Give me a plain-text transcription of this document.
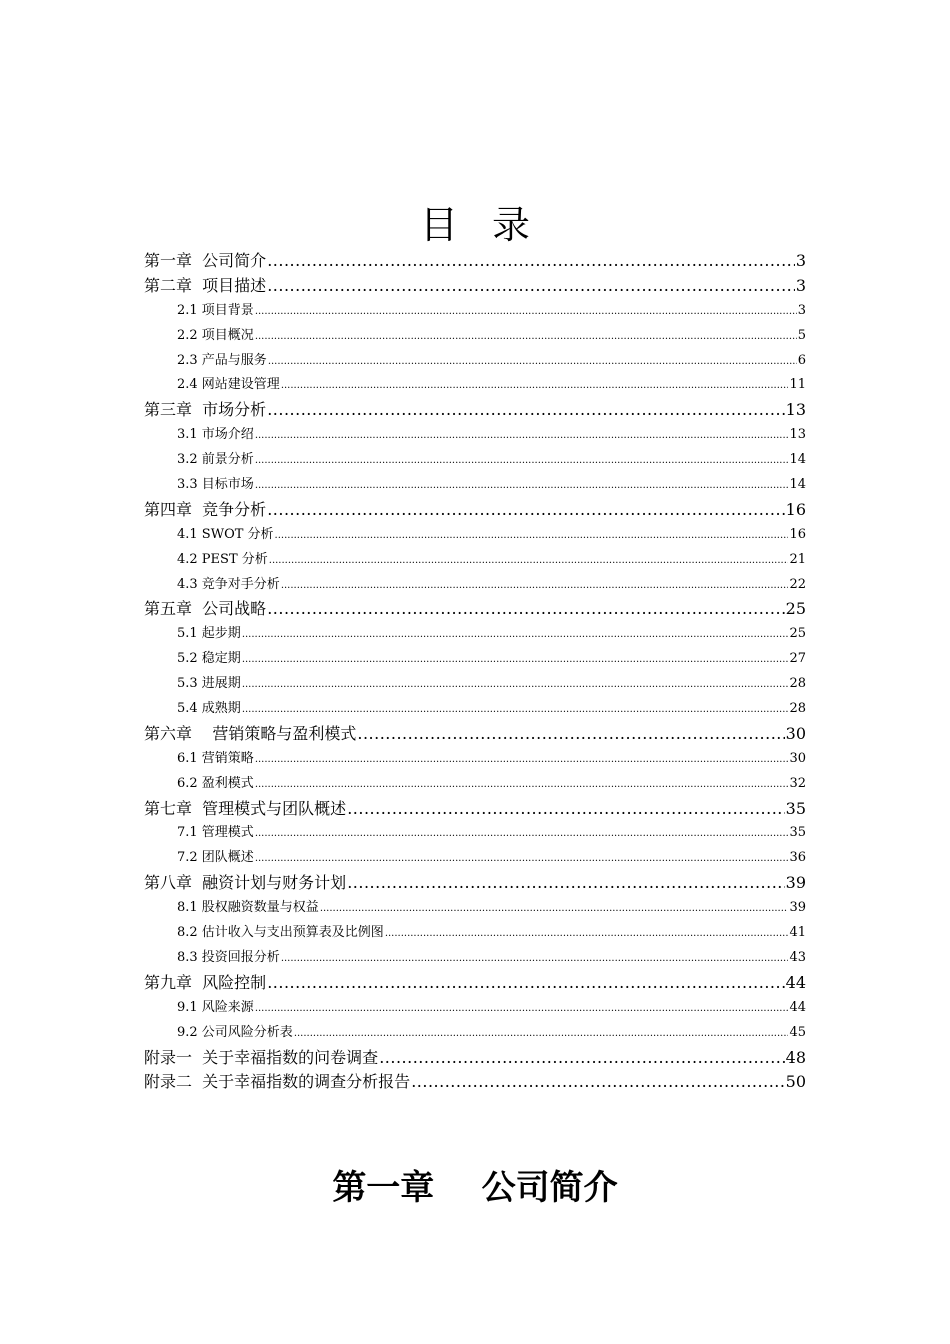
目录
第一章  公司简介 .....	3
第二章  项目描述 .....	3
2.1 项目背景 .....	3
2.2 项目概况 .....	5
2.3 产品与服务 .....	6
2.4 网站建设管理 .....	11
第三章  市场分析 .....	13
3.1 市场介绍 .....	13
3.2 前景分析 .....	14
3.3 目标市场 .....	14
第四章  竞争分析 .....	16
4.1 SWOT 分析 .....	16
4.2 PEST 分析 .....	21
4.3 竞争对手分析 .....	22
第五章  公司战略 .....	25
5.1 起步期 .....	25
5.2 稳定期 .....	27
5.3 进展期 .....	28
5.4 成熟期 .....	28
第六章    营销策略与盈利模式 .....	30
6.1 营销策略 .....	30
6.2 盈利模式 .....	32
第七章  管理模式与团队概述 .....	35
7.1 管理模式 .....	35
7.2 团队概述 .....	36
第八章  融资计划与财务计划 .....	39
8.1 股权融资数量与权益 .....	39
8.2 估计收入与支出预算表及比例图 .....	41
8.3 投资回报分析 .....	43
第九章  风险控制 .....	44
9.1 风险来源 .....	44
9.2 公司风险分析表 .....	45
附录一  关于幸福指数的问卷调查 .....	48
附录二  关于幸福指数的调查分析报告 .....	50
第一章    公司简介
